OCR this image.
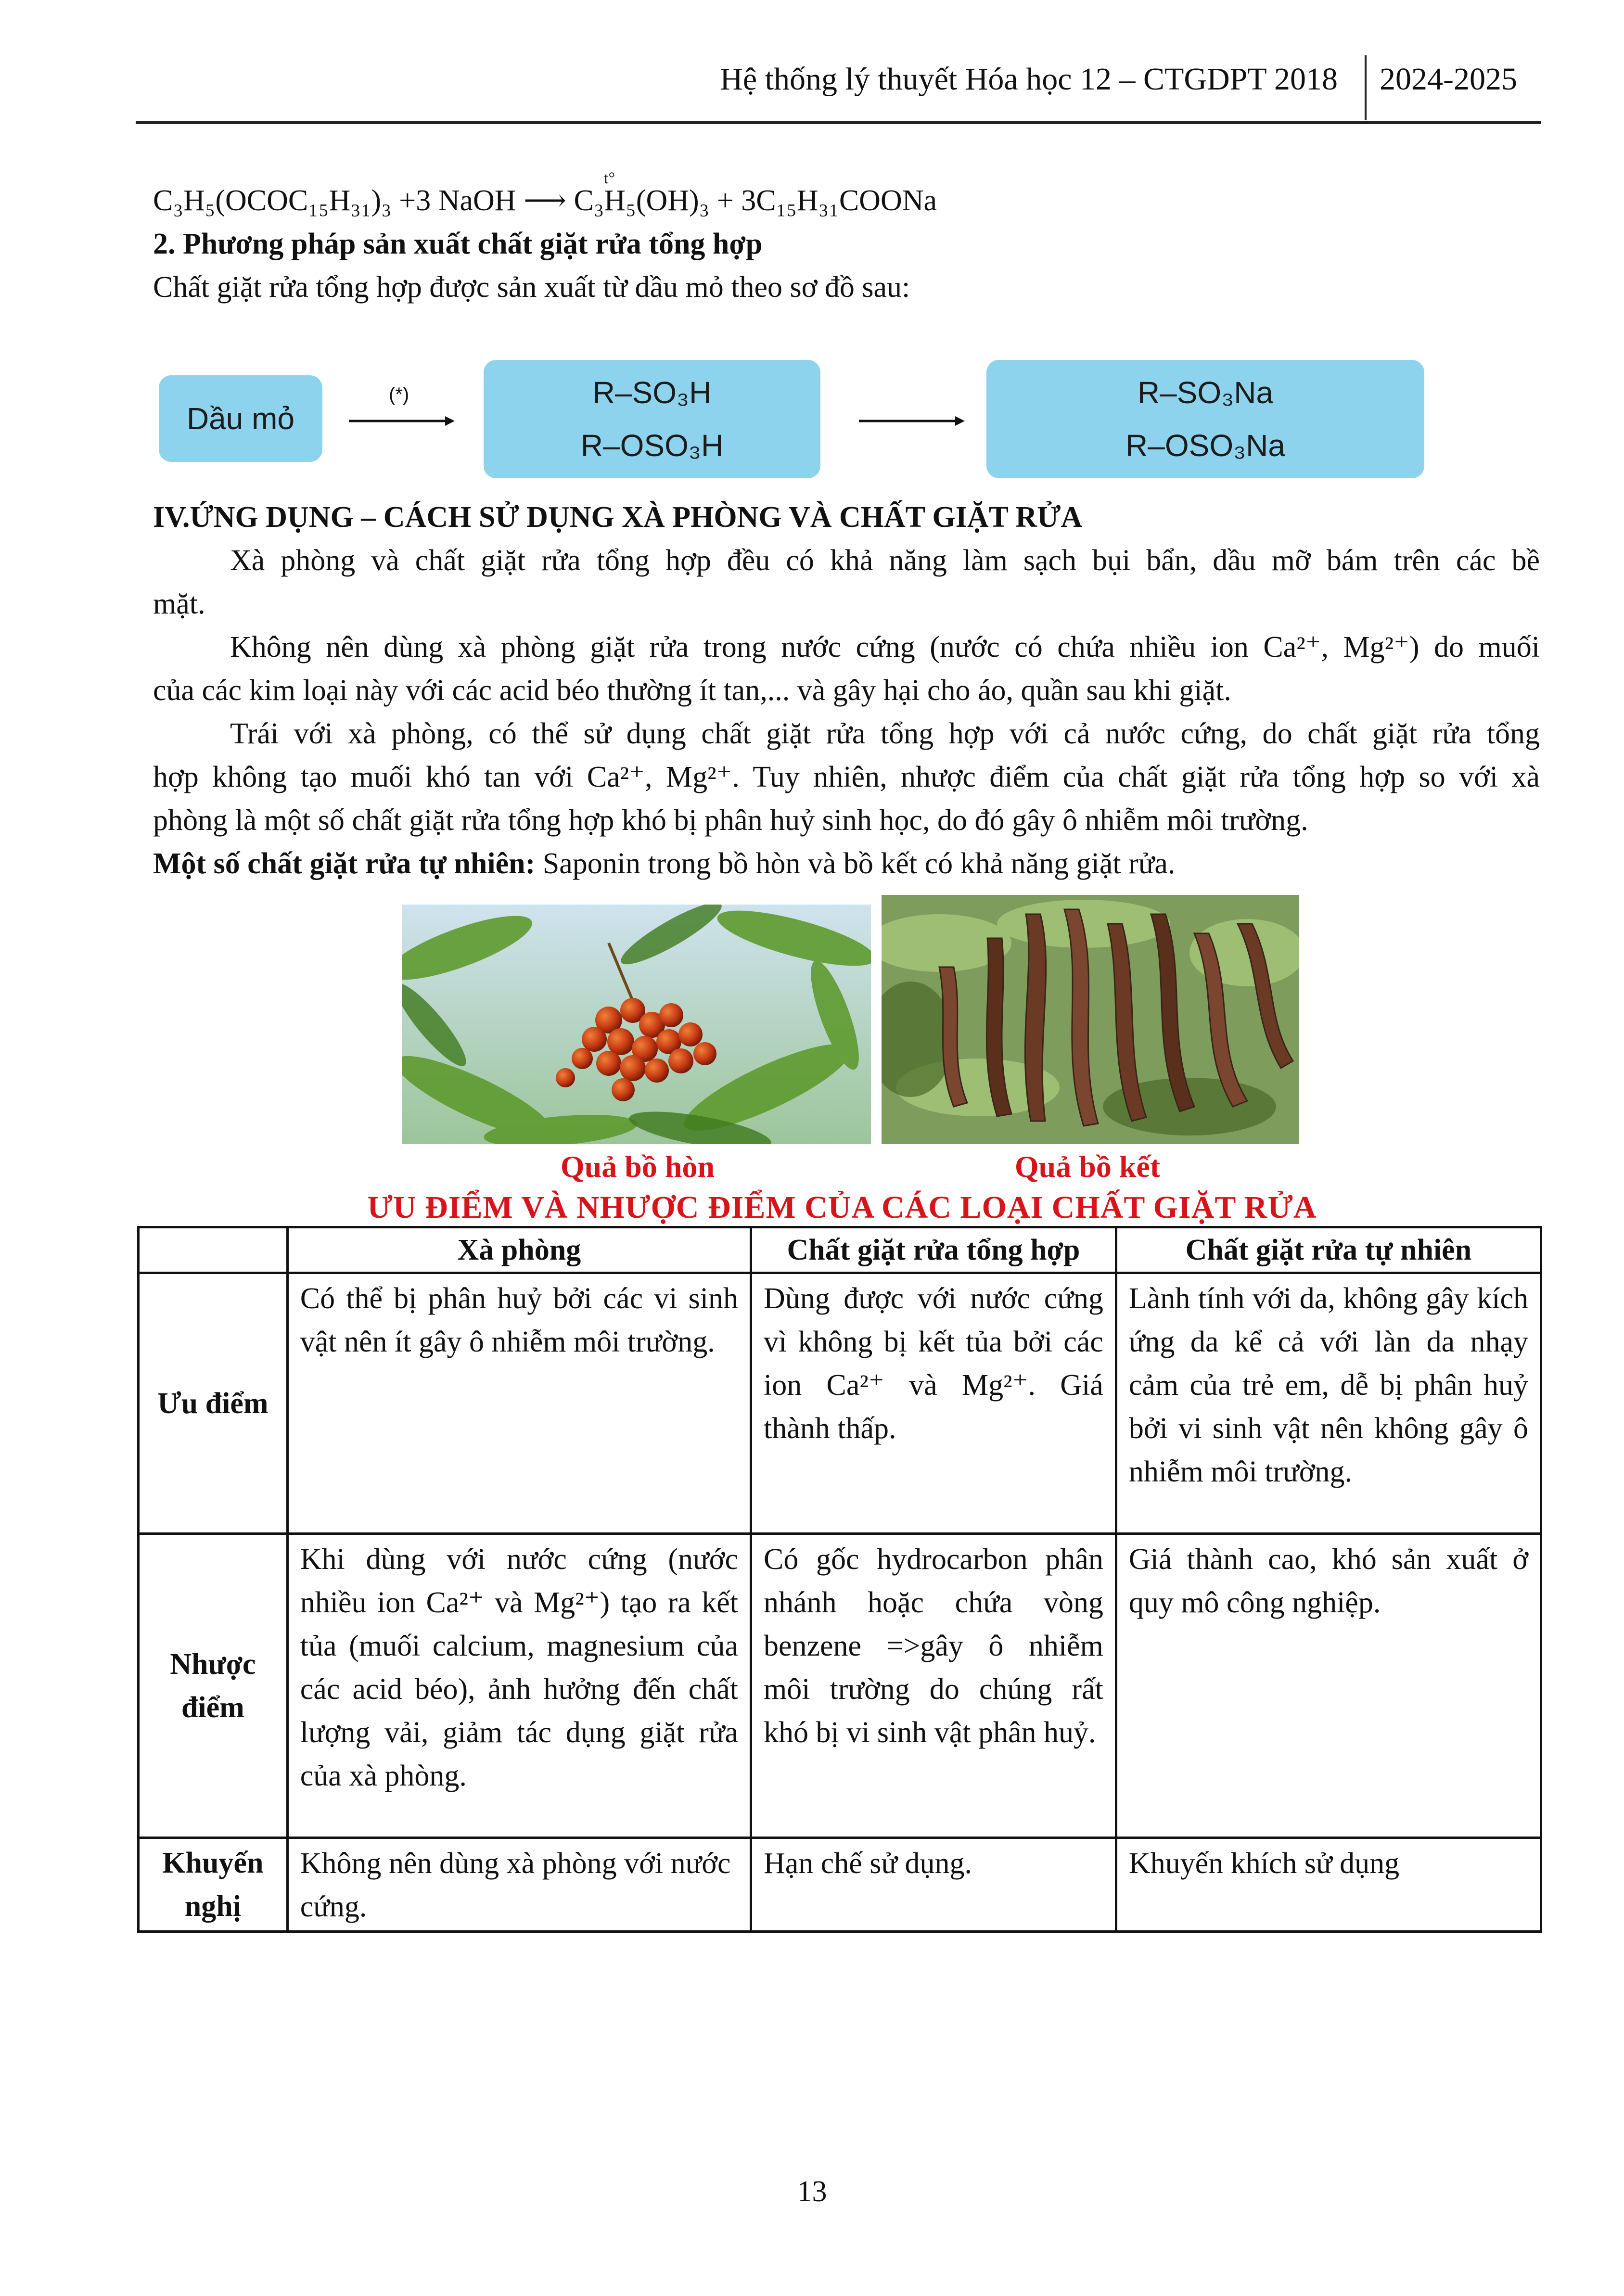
Hệ thống lý thuyết Hóa học 12 – CTGDPT 2018	2024-2025
C₃H₅(OCOC₁₅H₃₁)₃ +3 NaOH ⟶ C₃H₅(OH)₃ + 3C₁₅H₃₁COONa
t°
2. Phương pháp sản xuất chất giặt rửa tổng hợp
Chất giặt rửa tổng hợp được sản xuất từ dầu mỏ theo sơ đồ sau:
Dầu mỏ
(*)	R–SO₃H
R–OSO₃H
R–SO₃Na
R–OSO₃Na
IV.ỨNG DỤNG – CÁCH SỬ DỤNG XÀ PHÒNG VÀ CHẤT GIẶT RỬA
Xà phòng và chất giặt rửa tổng hợp đều có khả năng làm sạch bụi bẩn, dầu mỡ bám trên các bề
mặt.
Không nên dùng xà phòng giặt rửa trong nước cứng (nước có chứa nhiều ion Ca²⁺, Mg²⁺) do muối
của các kim loại này với các acid béo thường ít tan,... và gây hại cho áo, quần sau khi giặt.
Trái với xà phòng, có thể sử dụng chất giặt rửa tổng hợp với cả nước cứng, do chất giặt rửa tổng
hợp không tạo muối khó tan với Ca²⁺, Mg²⁺. Tuy nhiên, nhược điểm của chất giặt rửa tổng hợp so với xà
phòng là một số chất giặt rửa tổng hợp khó bị phân huỷ sinh học, do đó gây ô nhiễm môi trường.
Một số chất giặt rửa tự nhiên: Saponin trong bồ hòn và bồ kết có khả năng giặt rửa.
Quả bồ hòn	Quả bồ kết
ƯU ĐIỂM VÀ NHƯỢC ĐIỂM CỦA CÁC LOẠI CHẤT GIẶT RỬA
	Xà phòng	Chất giặt rửa tổng hợp	Chất giặt rửa tự nhiên
Ưu điểm	Có thể bị phân huỷ bởi các vi sinh vật nên ít gây ô nhiễm môi trường.	Dùng được với nước cứng vì không bị kết tủa bởi các ion Ca²⁺ và Mg²⁺. Giá thành thấp.	Lành tính với da, không gây kích ứng da kể cả với làn da nhạy cảm của trẻ em, dễ bị phân huỷ bởi vi sinh vật nên không gây ô nhiễm môi trường.
Nhược điểm	Khi dùng với nước cứng (nước nhiều ion Ca²⁺ và Mg²⁺) tạo ra kết tủa (muối calcium, magnesium của các acid béo), ảnh hưởng đến chất lượng vải, giảm tác dụng giặt rửa của xà phòng.	Có gốc hydrocarbon phân nhánh hoặc chứa vòng benzene =>gây ô nhiễm môi trường do chúng rất khó bị vi sinh vật phân huỷ.	Giá thành cao, khó sản xuất ở quy mô công nghiệp.
Khuyến nghị	Không nên dùng xà phòng với nước cứng.	Hạn chế sử dụng.	Khuyến khích sử dụng
13
